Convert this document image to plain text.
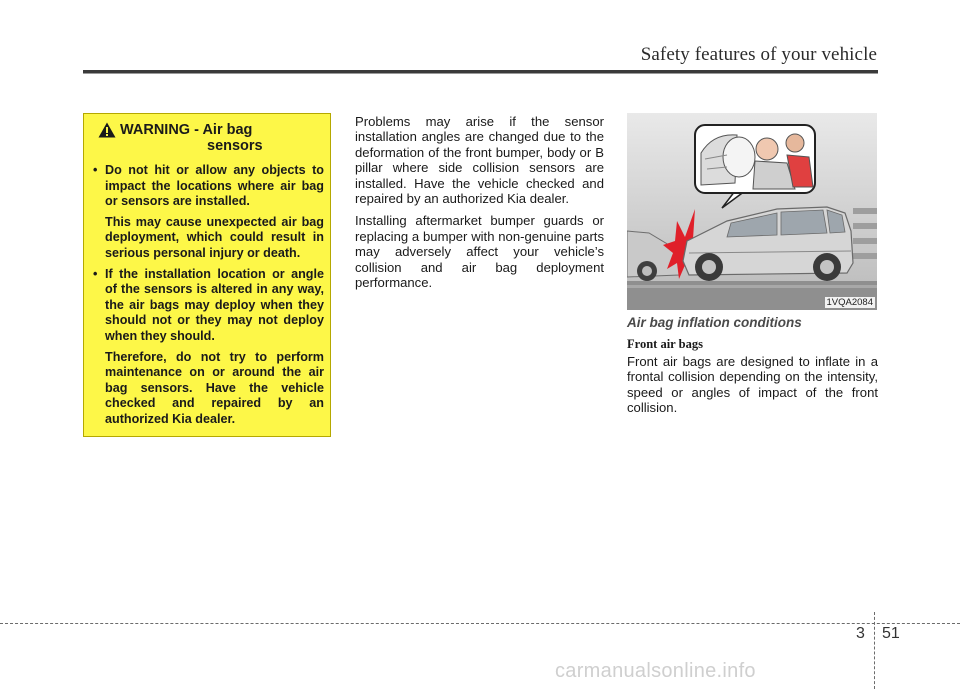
Safety features of your vehicle
WARNING - Air bag
sensors
• Do not hit or allow any objects to impact the locations where air bag or sensors are installed.

This may cause unexpected air bag deployment, which could result in serious personal injury or death.

• If the installation location or angle of the sensors is altered in any way, the air bags may deploy when they should not or they may not deploy when they should.

Therefore, do not try to perform maintenance on or around the air bag sensors. Have the vehicle checked and repaired by an authorized Kia dealer.

Problems may arise if the sensor installation angles are changed due to the deformation of the front bumper, body or B pillar where side collision sensors are installed. Have the vehicle checked and repaired by an authorized Kia dealer.

Installing aftermarket bumper guards or replacing a bumper with non-genuine parts may adversely affect your vehicle’s collision and air bag deployment performance.

1VQA2084

Air bag inflation conditions

Front air bags

Front air bags are designed to inflate in a frontal collision depending on the intensity, speed or angles of impact of the front collision.

3 51
carmanualsonline.info
